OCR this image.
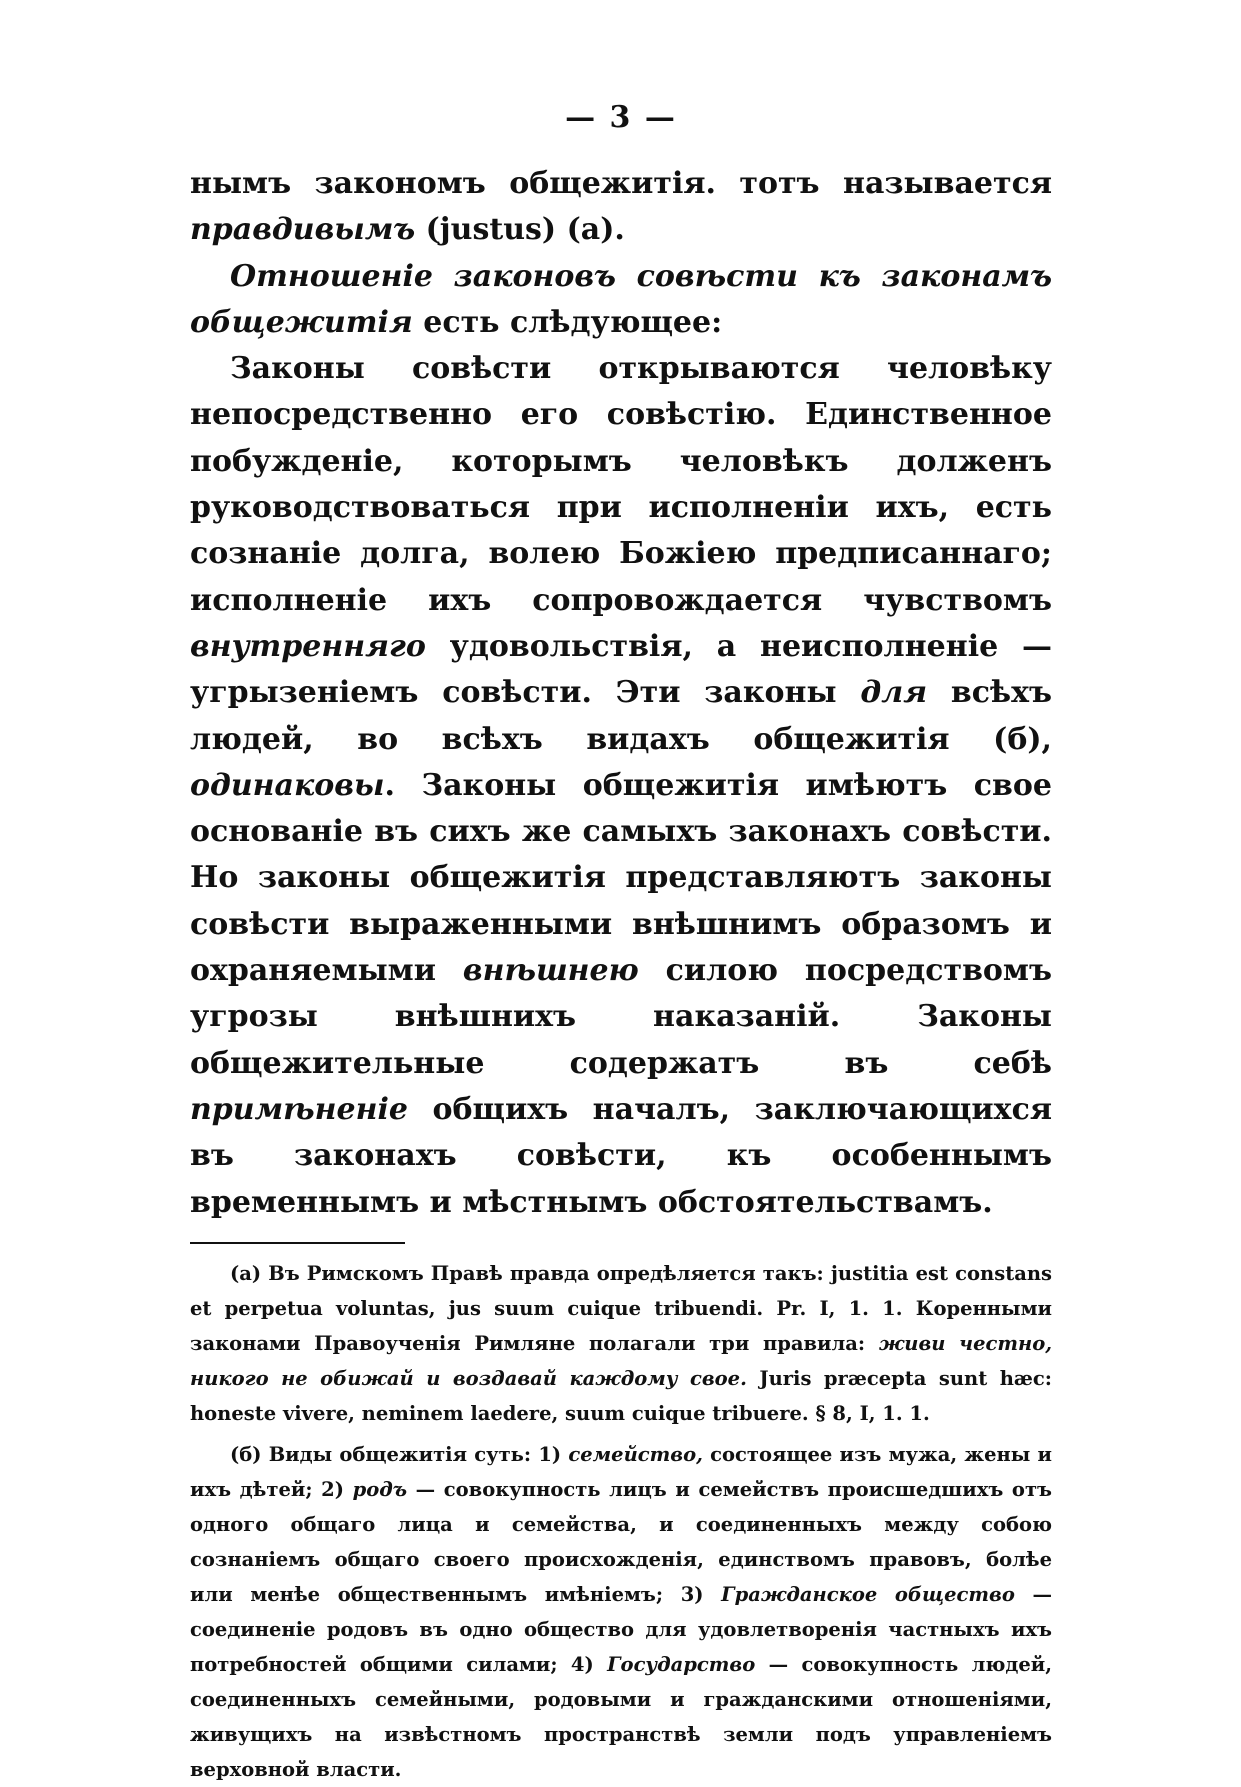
— 3 —

нымъ закономъ общежитія. тотъ называется правдивымъ (justus) (а).

Отношеніе законовъ совѣсти къ законамъ общежитія есть слѣдующее:

Законы совѣсти открываются человѣку непосредственно его совѣстію. Единственное побужденіе, которымъ человѣкъ долженъ руководствоваться при исполненіи ихъ, есть сознаніе долга, волею Божіею предписаннаго; исполненіе ихъ сопровождается чувствомъ внутренняго удовольствія, а неисполненіе — угрызеніемъ совѣсти. Эти законы для всѣхъ людей, во всѣхъ видахъ общежитія (б), одинаковы. Законы общежитія имѣютъ свое основаніе въ сихъ же самыхъ законахъ совѣсти. Но законы общежитія представляютъ законы совѣсти выраженными внѣшнимъ образомъ и охраняемыми внѣшнею силою посредствомъ угрозы внѣшнихъ наказаній. Законы общежительные содержатъ въ себѣ примѣненіе общихъ началъ, заключающихся въ законахъ совѣсти, къ особеннымъ временнымъ и мѣстнымъ обстоятельствамъ.

(а) Въ Римскомъ Правѣ правда опредѣляется такъ: justitia est constans et perpetua voluntas, jus suum cuique tribuendi. Pr. I, 1. 1. Коренными законами Правоученія Римляне полагали три правила: живи честно, никого не обижай и воздавай каждому свое. Juris præcepta sunt hæc: honeste vivere, neminem laedere, suum cuique tribuere. § 8, I, 1. 1.

(б) Виды общежитія суть: 1) семейство, состоящее изъ мужа, жены и ихъ дѣтей; 2) родъ — совокупность лицъ и семействъ происшедшихъ отъ одного общаго лица и семейства, и соединенныхъ между собою сознаніемъ общаго своего происхожденія, единствомъ правовъ, болѣе или менѣе общественнымъ имѣніемъ; 3) Гражданское общество — соединеніе родовъ въ одно общество для удовлетворенія частныхъ ихъ потребностей общими силами; 4) Государство — совокупность людей, соединенныхъ семейными, родовыми и гражданскими отношеніями, живущихъ на извѣстномъ пространствѣ земли подъ управленіемъ верховной власти.
